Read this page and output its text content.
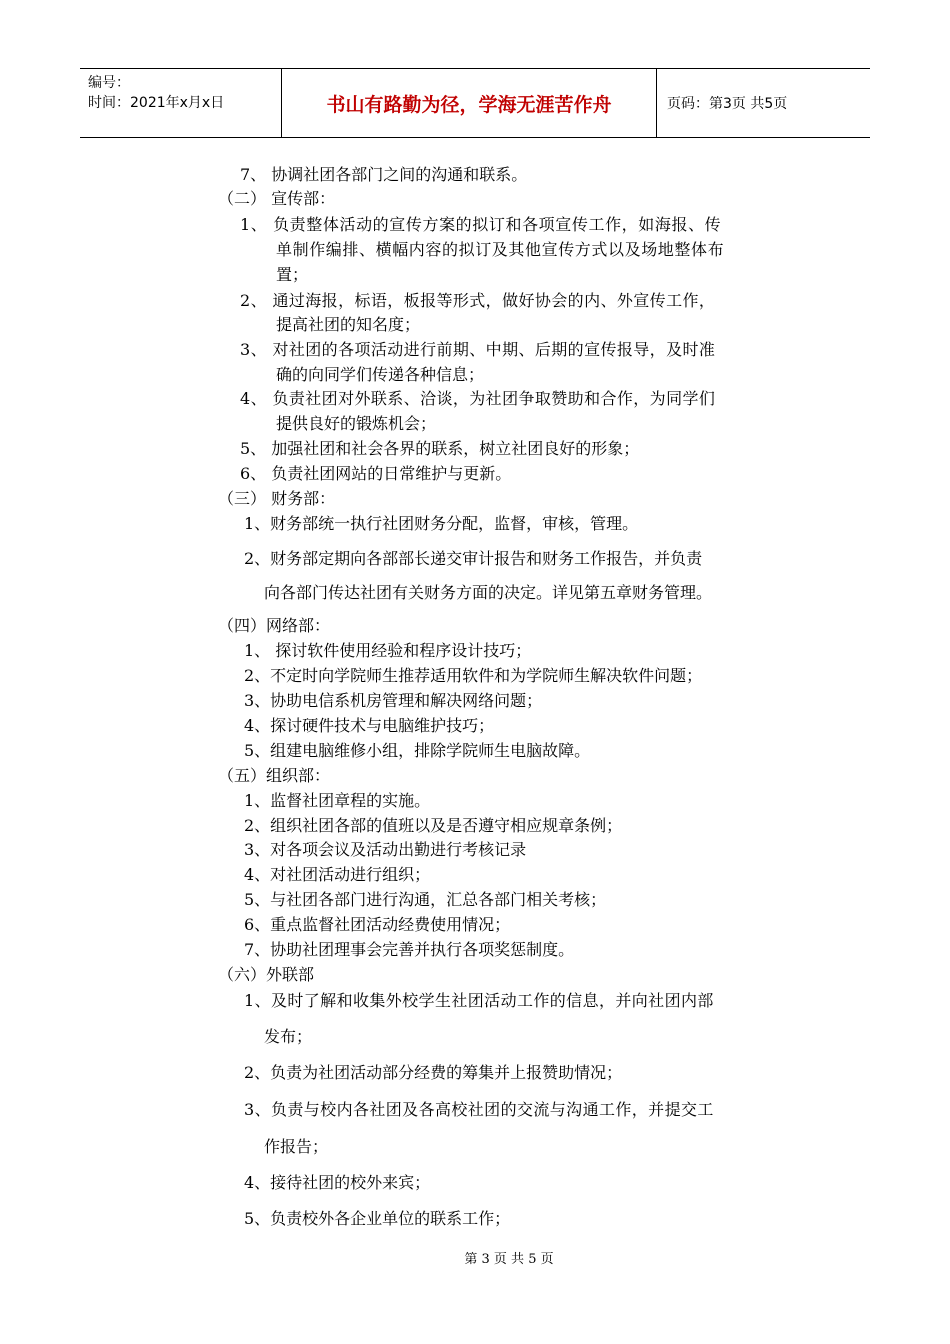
编号：
时间：2021年x月x日	书山有路勤为径，学海无涯苦作舟	页码：第3页 共5页
7、 协调社团各部门之间的沟通和联系。
（二） 宣传部：
1、 负责整体活动的宣传方案的拟订和各项宣传工作，如海报、传
单制作编排、横幅内容的拟订及其他宣传方式以及场地整体布
置；
2、 通过海报，标语，板报等形式，做好协会的内、外宣传工作，
提高社团的知名度；
3、 对社团的各项活动进行前期、中期、后期的宣传报导，及时准
确的向同学们传递各种信息；
4、 负责社团对外联系、洽谈，为社团争取赞助和合作，为同学们
提供良好的锻炼机会；
5、 加强社团和社会各界的联系，树立社团良好的形象；
6、 负责社团网站的日常维护与更新。
（三） 财务部：
1、财务部统一执行社团财务分配，监督，审核，管理。
2、财务部定期向各部部长递交审计报告和财务工作报告，并负责
向各部门传达社团有关财务方面的决定。详见第五章财务管理。
（四）网络部：
1、 探讨软件使用经验和程序设计技巧；
2、不定时向学院师生推荐适用软件和为学院师生解决软件问题；
3、协助电信系机房管理和解决网络问题；
4、探讨硬件技术与电脑维护技巧；
5、组建电脑维修小组，排除学院师生电脑故障。
（五）组织部：
1、监督社团章程的实施。
2、组织社团各部的值班以及是否遵守相应规章条例；
3、对各项会议及活动出勤进行考核记录
4、对社团活动进行组织；
5、与社团各部门进行沟通，汇总各部门相关考核；
6、重点监督社团活动经费使用情况；
7、协助社团理事会完善并执行各项奖惩制度。
（六）外联部
1、及时了解和收集外校学生社团活动工作的信息，并向社团内部
发布；
2、负责为社团活动部分经费的筹集并上报赞助情况；
3、负责与校内各社团及各高校社团的交流与沟通工作，并提交工
作报告；
4、接待社团的校外来宾；
5、负责校外各企业单位的联系工作；
第 3 页 共 5 页
